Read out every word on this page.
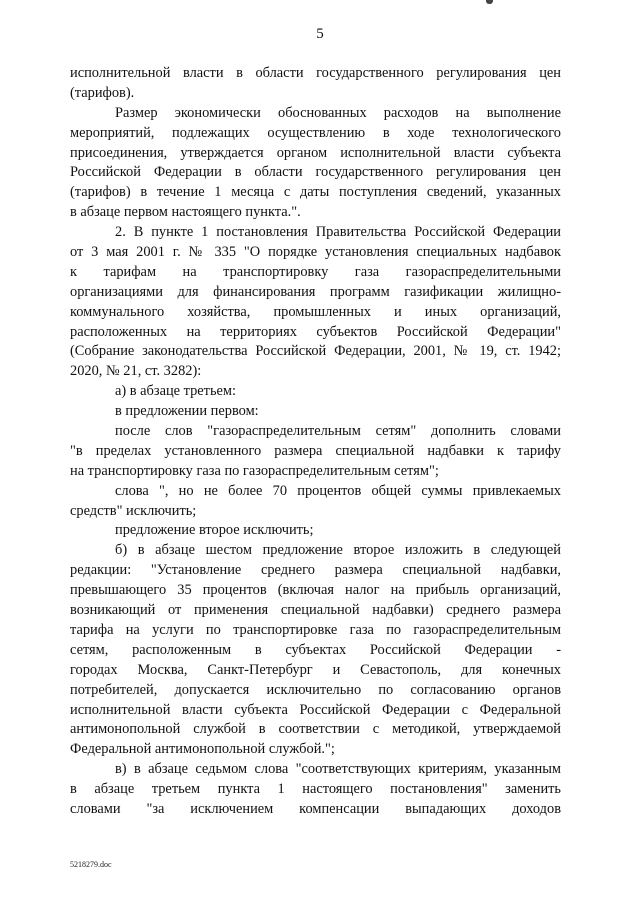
5
исполнительной власти в области государственного регулирования цен
(тарифов).
Размер экономически обоснованных расходов на выполнение
мероприятий, подлежащих осуществлению в ходе технологического
присоединения, утверждается органом исполнительной власти субъекта
Российской Федерации в области государственного регулирования цен
(тарифов) в течение 1 месяца с даты поступления сведений, указанных
в абзаце первом настоящего пункта.".
2. В пункте 1 постановления Правительства Российской Федерации
от 3 мая 2001 г. № 335 "О порядке установления специальных надбавок
к тарифам на транспортировку газа газораспределительными
организациями для финансирования программ газификации жилищно-
коммунального хозяйства, промышленных и иных организаций,
расположенных на территориях субъектов Российской Федерации"
(Собрание законодательства Российской Федерации, 2001, № 19, ст. 1942;
2020, № 21, ст. 3282):
а) в абзаце третьем:
в предложении первом:
после слов "газораспределительным сетям" дополнить словами
"в пределах установленного размера специальной надбавки к тарифу
на транспортировку газа по газораспределительным сетям";
слова ", но не более 70 процентов общей суммы привлекаемых
средств" исключить;
предложение второе исключить;
б) в абзаце шестом предложение второе изложить в следующей
редакции: "Установление среднего размера специальной надбавки,
превышающего 35 процентов (включая налог на прибыль организаций,
возникающий от применения специальной надбавки) среднего размера
тарифа на услуги по транспортировке газа по газораспределительным
сетям, расположенным в субъектах Российской Федерации -
городах Москва, Санкт-Петербург и Севастополь, для конечных
потребителей, допускается исключительно по согласованию органов
исполнительной власти субъекта Российской Федерации с Федеральной
антимонопольной службой в соответствии с методикой, утверждаемой
Федеральной антимонопольной службой.";
в) в абзаце седьмом слова "соответствующих критериям, указанным
в абзаце третьем пункта 1 настоящего постановления" заменить
словами "за исключением компенсации выпадающих доходов
5218279.doc
